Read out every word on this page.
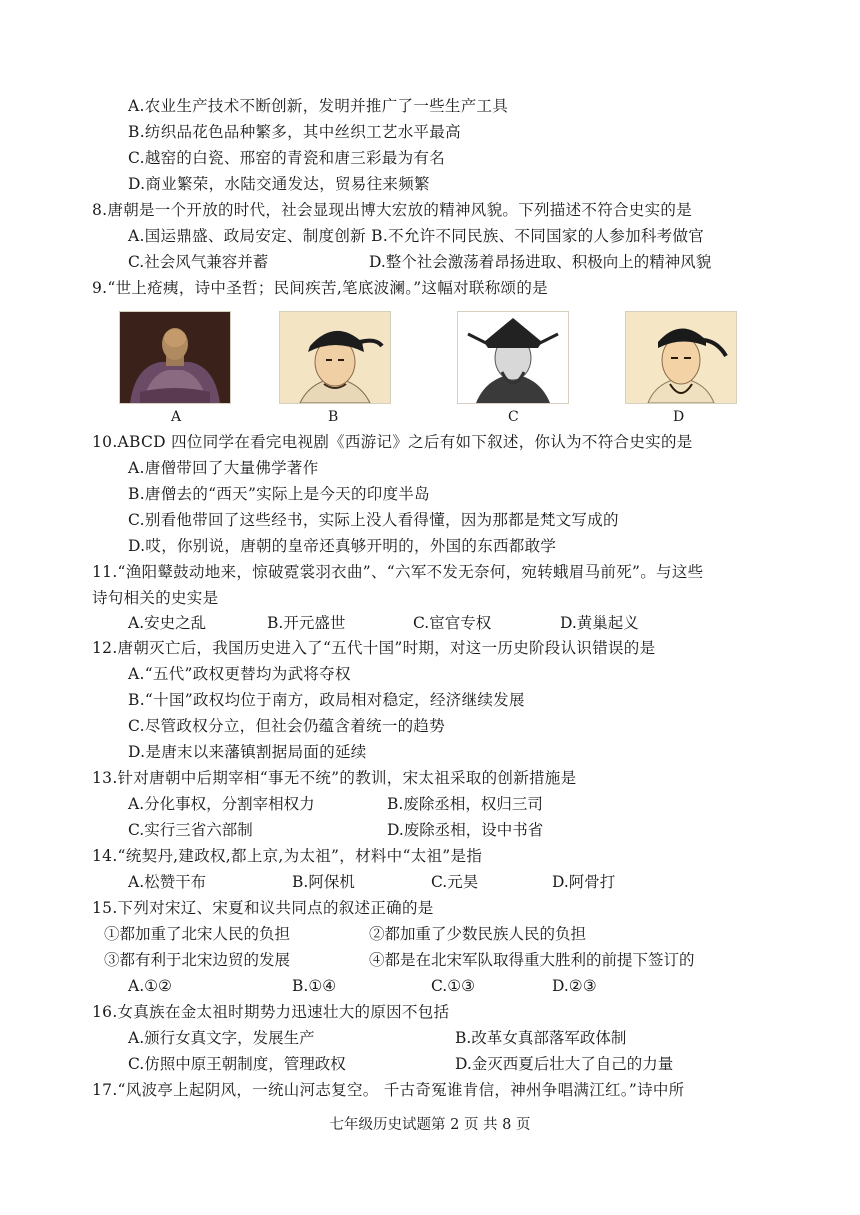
A.农业生产技术不断创新，发明并推广了一些生产工具
B.纺织品花色品种繁多，其中丝织工艺水平最高
C.越窑的白瓷、邢窑的青瓷和唐三彩最为有名
D.商业繁荣，水陆交通发达，贸易往来频繁
8.唐朝是一个开放的时代，社会显现出博大宏放的精神风貌。下列描述不符合史实的是
A.国运鼎盛、政局安定、制度创新 B.不允许不同民族、不同国家的人参加科考做官
C.社会风气兼容并蓄	D.整个社会激荡着昂扬进取、积极向上的精神风貌
9.“世上疮痍，诗中圣哲；民间疾苦,笔底波澜。”这幅对联称颂的是
A	B	C	D
10.ABCD 四位同学在看完电视剧《西游记》之后有如下叙述，你认为不符合史实的是
A.唐僧带回了大量佛学著作
B.唐僧去的“西天”实际上是今天的印度半岛
C.别看他带回了这些经书，实际上没人看得懂，因为那都是梵文写成的
D.哎，你别说，唐朝的皇帝还真够开明的，外国的东西都敢学
11.“渔阳鼙鼓动地来，惊破霓裳羽衣曲”、“六军不发无奈何，宛转蛾眉马前死”。与这些
诗句相关的史实是
A.安史之乱	B.开元盛世	C.宦官专权	D.黄巢起义
12.唐朝灭亡后，我国历史进入了“五代十国”时期，对这一历史阶段认识错误的是
A.“五代”政权更替均为武将夺权
B.“十国”政权均位于南方，政局相对稳定，经济继续发展
C.尽管政权分立，但社会仍蕴含着统一的趋势
D.是唐末以来藩镇割据局面的延续
13.针对唐朝中后期宰相“事无不统”的教训，宋太祖采取的创新措施是
A.分化事权，分割宰相权力	B.废除丞相，权归三司
C.实行三省六部制	D.废除丞相，设中书省
14.“统契丹,建政权,都上京,为太祖”，材料中“太祖”是指
A.松赞干布	B.阿保机	C.元昊	D.阿骨打
15.下列对宋辽、宋夏和议共同点的叙述正确的是
①都加重了北宋人民的负担	②都加重了少数民族人民的负担
③都有利于北宋边贸的发展	④都是在北宋军队取得重大胜利的前提下签订的
A.①②	B.①④	C.①③	D.②③
16.女真族在金太祖时期势力迅速壮大的原因不包括
A.颁行女真文字，发展生产	B.改革女真部落军政体制
C.仿照中原王朝制度，管理政权	D.金灭西夏后壮大了自己的力量
17.“风波亭上起阴风，一统山河志复空。 千古奇冤谁肯信，神州争唱满江红。”诗中所
七年级历史试题第 2 页 共 8 页
